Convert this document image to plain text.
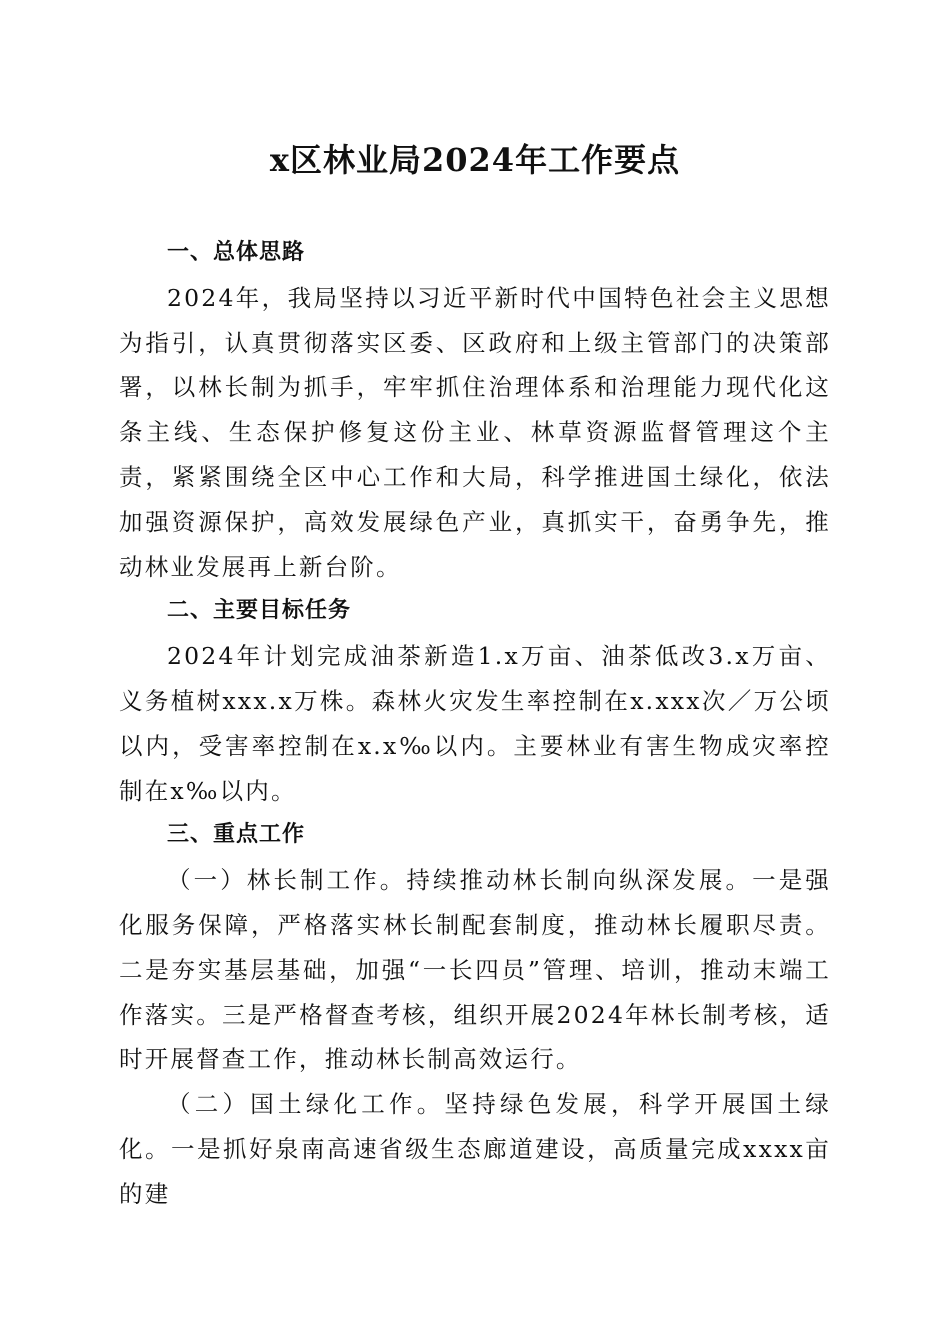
x区林业局2024年工作要点

一、总体思路

2024年，我局坚持以习近平新时代中国特色社会主义思想为指引，认真贯彻落实区委、区政府和上级主管部门的决策部署，以林长制为抓手，牢牢抓住治理体系和治理能力现代化这条主线、生态保护修复这份主业、林草资源监督管理这个主责，紧紧围绕全区中心工作和大局，科学推进国土绿化，依法加强资源保护，高效发展绿色产业，真抓实干，奋勇争先，推动林业发展再上新台阶。

二、主要目标任务

2024年计划完成油茶新造1.x万亩、油茶低改3.x万亩、义务植树xxx.x万株。森林火灾发生率控制在x.xxx次／万公顷以内，受害率控制在x.x‰以内。主要林业有害生物成灾率控制在x‰以内。

三、重点工作

（一）林长制工作。持续推动林长制向纵深发展。一是强化服务保障，严格落实林长制配套制度，推动林长履职尽责。二是夯实基层基础，加强“一长四员”管理、培训，推动末端工作落实。三是严格督查考核，组织开展2024年林长制考核，适时开展督查工作，推动林长制高效运行。

（二）国土绿化工作。坚持绿色发展，科学开展国土绿化。一是抓好泉南高速省级生态廊道建设，高质量完成xxxx亩的建
